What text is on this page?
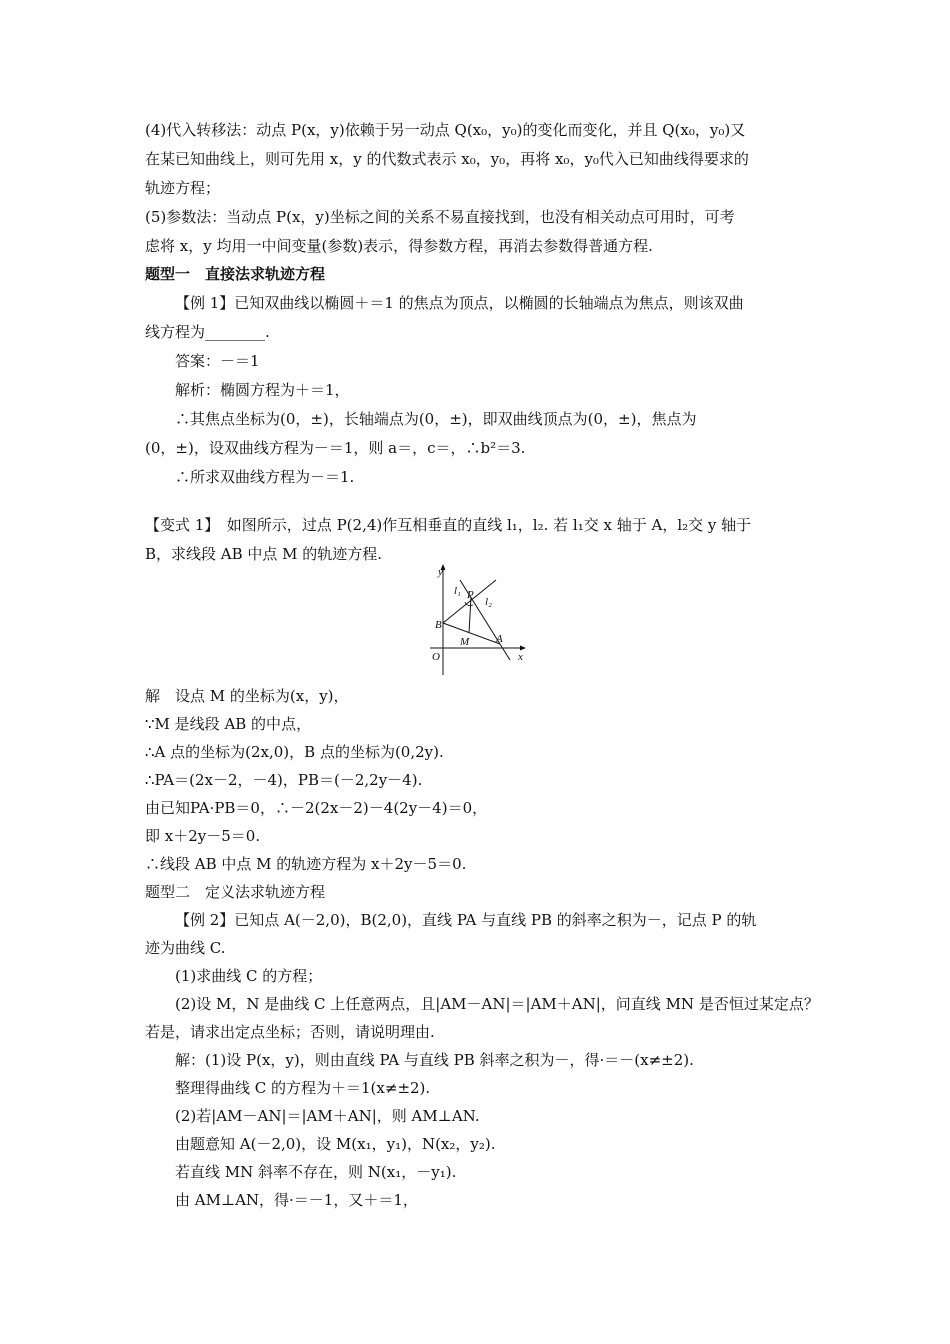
(4)代入转移法：动点 P(x，y)依赖于另一动点 Q(x₀，y₀)的变化而变化，并且 Q(x₀，y₀)又
在某已知曲线上，则可先用 x，y 的代数式表示 x₀，y₀，再将 x₀，y₀代入已知曲线得要求的
轨迹方程；
(5)参数法：当动点 P(x，y)坐标之间的关系不易直接找到，也没有相关动点可用时，可考
虑将 x，y 均用一中间变量(参数)表示，得参数方程，再消去参数得普通方程.
题型一　直接法求轨迹方程
【例 1】已知双曲线以椭圆＋＝1 的焦点为顶点，以椭圆的长轴端点为焦点，则该双曲
线方程为________.
答案：－＝1
解析：椭圆方程为＋＝1，
∴其焦点坐标为(0，±)，长轴端点为(0，±)，即双曲线顶点为(0，±)，焦点为
(0，±)，设双曲线方程为－＝1，则 a＝，c＝，∴b²＝3.
∴所求双曲线方程为－＝1.
【变式 1】　如图所示，过点 P(2,4)作互相垂直的直线 l₁，l₂. 若 l₁交 x 轴于 A，l₂交 y 轴于
B，求线段 AB 中点 M 的轨迹方程.
y
x
O
l₁
l₂
P
B
M A
解　设点 M 的坐标为(x，y)，
∵M 是线段 AB 的中点，
∴A 点的坐标为(2x,0)，B 点的坐标为(0,2y).
∴PA＝(2x－2，－4)，PB＝(－2,2y－4).
由已知PA·PB＝0，∴－2(2x－2)－4(2y－4)＝0，
即 x＋2y－5＝0.
∴线段 AB 中点 M 的轨迹方程为 x＋2y－5＝0.
题型二　定义法求轨迹方程
【例 2】已知点 A(－2,0)，B(2,0)，直线 PA 与直线 PB 的斜率之积为－，记点 P 的轨
迹为曲线 C.
(1)求曲线 C 的方程；
(2)设 M，N 是曲线 C 上任意两点，且|AM－AN|＝|AM＋AN|，问直线 MN 是否恒过某定点？
若是，请求出定点坐标；否则，请说明理由.
解：(1)设 P(x，y)，则由直线 PA 与直线 PB 斜率之积为－，得·＝－(x≠±2).
整理得曲线 C 的方程为＋＝1(x≠±2).
(2)若|AM－AN|＝|AM＋AN|，则 AM⊥AN.
由题意知 A(－2,0)，设 M(x₁，y₁)，N(x₂，y₂).
若直线 MN 斜率不存在，则 N(x₁，－y₁).
由 AM⊥AN，得·＝－1，又＋＝1，
